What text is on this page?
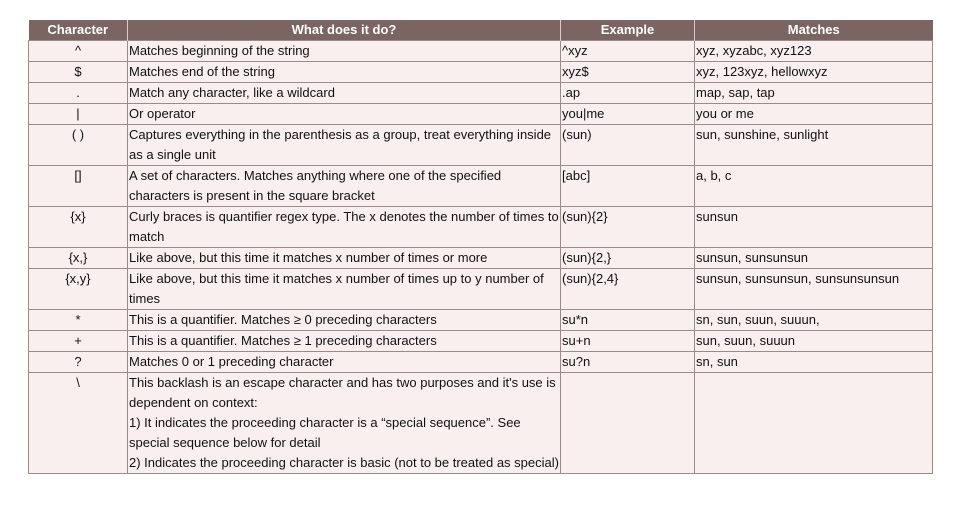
Character	What does it do?	Example	Matches
^	Matches beginning of the string	^xyz	xyz, xyzabc, xyz123
$	Matches end of the string	xyz$	xyz, 123xyz, hellowxyz
.	Match any character, like a wildcard	.ap	map, sap, tap
|	Or operator	you|me	you or me
( )	Captures everything in the parenthesis as a group, treat everything inside as a single unit	(sun)	sun, sunshine, sunlight
[]	A set of characters. Matches anything where one of the specified characters is present in the square bracket	[abc]	a, b, c
{x}	Curly braces is quantifier regex type. The x denotes the number of times to match	(sun){2}	sunsun
{x,}	Like above, but this time it matches x number of times or more	(sun){2,}	sunsun, sunsunsun
{x,y}	Like above, but this time it matches x number of times up to y number of times	(sun){2,4}	sunsun, sunsunsun, sunsunsunsun
*	This is a quantifier. Matches ≥ 0 preceding characters	su*n	sn, sun, suun, suuun,
+	This is a quantifier. Matches ≥ 1 preceding characters	su+n	sun, suun, suuun
?	Matches 0 or 1 preceding character	su?n	sn, sun
\	This backlash is an escape character and has two purposes and it's use is dependent on context:
1) It indicates the proceeding character is a “special sequence”. See special sequence below for detail
2) Indicates the proceeding character is basic (not to be treated as special)		
